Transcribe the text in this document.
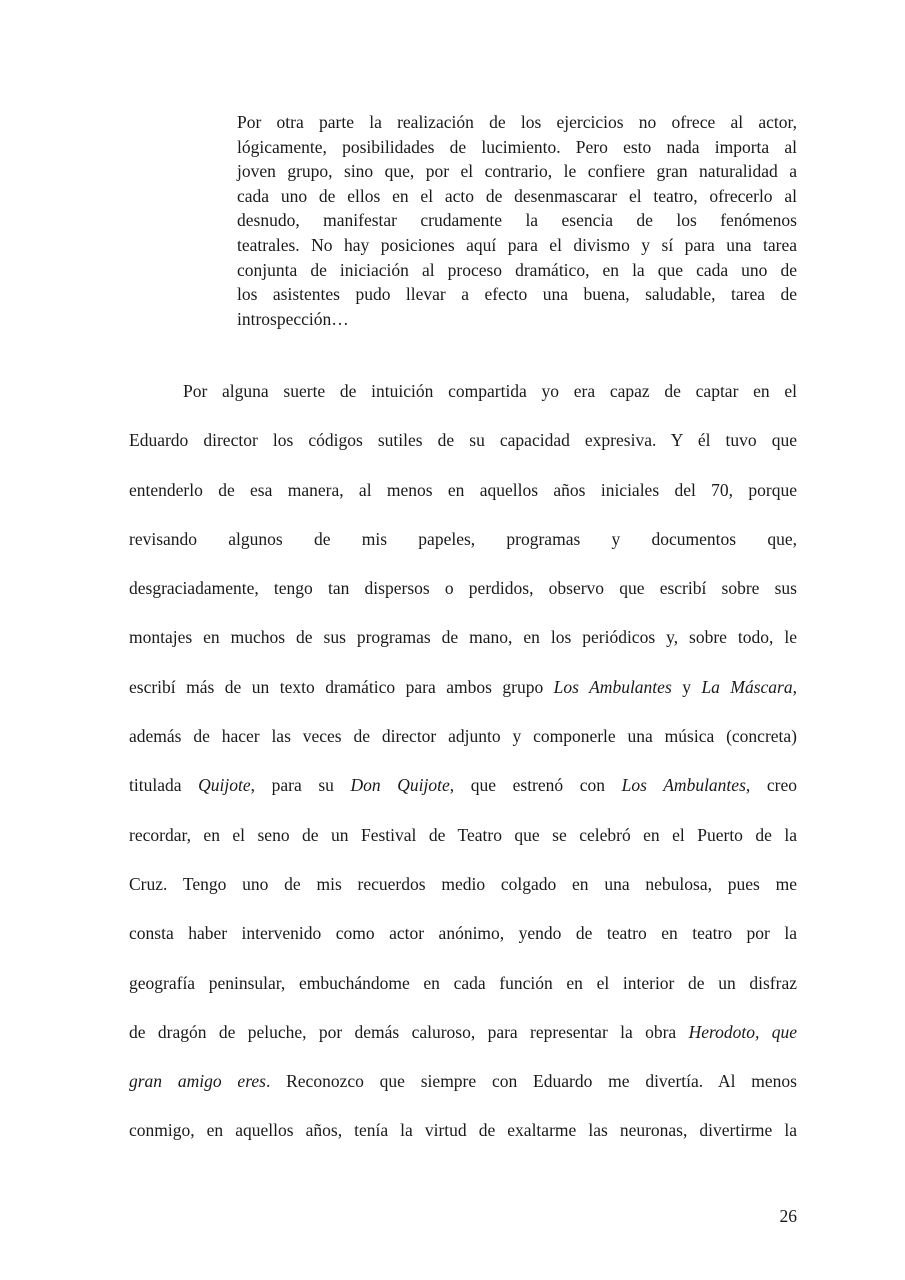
Por otra parte la realización de los ejercicios no ofrece al actor,
lógicamente, posibilidades de lucimiento. Pero esto nada importa al
joven grupo, sino que, por el contrario, le confiere gran naturalidad a
cada uno de ellos en el acto de desenmascarar el teatro, ofrecerlo al
desnudo, manifestar crudamente la esencia de los fenómenos
teatrales. No hay posiciones aquí para el divismo y sí para una tarea
conjunta de iniciación al proceso dramático, en la que cada uno de
los asistentes pudo llevar a efecto una buena, saludable, tarea de
introspección…
Por alguna suerte de intuición compartida yo era capaz de captar en el
Eduardo director los códigos sutiles de su capacidad expresiva. Y él tuvo que
entenderlo de esa manera, al menos en aquellos años iniciales del 70, porque
revisando algunos de mis papeles, programas y documentos que,
desgraciadamente, tengo tan dispersos o perdidos, observo que escribí sobre sus
montajes en muchos de sus programas de mano, en los periódicos y, sobre todo, le
escribí más de un texto dramático para ambos grupo Los Ambulantes y La Máscara,
además de hacer las veces de director adjunto y componerle una música (concreta)
titulada Quijote, para su Don Quijote, que estrenó con Los Ambulantes, creo
recordar, en el seno de un Festival de Teatro que se celebró en el Puerto de la
Cruz. Tengo uno de mis recuerdos medio colgado en una nebulosa, pues me
consta haber intervenido como actor anónimo, yendo de teatro en teatro por la
geografía peninsular, embuchándome en cada función en el interior de un disfraz
de dragón de peluche, por demás caluroso, para representar la obra Herodoto, que
gran amigo eres. Reconozco que siempre con Eduardo me divertía. Al menos
conmigo, en aquellos años, tenía la virtud de exaltarme las neuronas, divertirme la
26
